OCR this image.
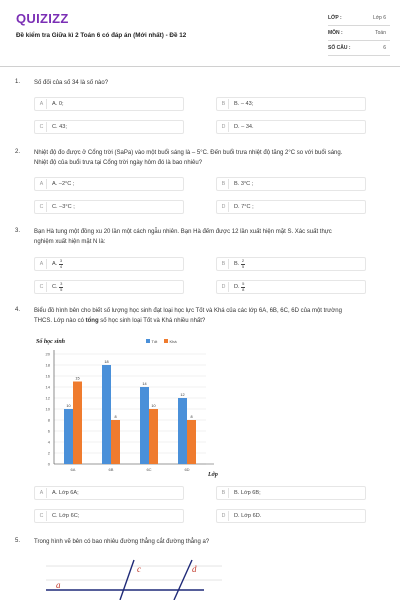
QUIZIZZ
Đề kiểm tra Giữa kì 2 Toán 6 có đáp án (Mới nhất) - Đề 12
LỚP :	Lớp 6
MÔN :	Toán
SỐ CÂU :	6
1. Số đối của số 34 là số nào?
A	A. 0;	B	B. – 43;
C	C. 43;	D	D. – 34.
2. Nhiệt độ đo được ở Cổng trời (SaPa) vào một buổi sáng là – 5°C. Đến buổi trưa nhiệt độ tăng 2°C so với buổi sáng.
Nhiệt độ của buổi trưa tại Cổng trời ngày hôm đó là bao nhiêu?
A	A. –2°C ;	B	B. 3°C ;
C	C. –3°C ;	D	D. 7°C ;
3. Bạn Hà tung một đồng xu 20 lần một cách ngẫu nhiên. Bạn Hà đếm được 12 lần xuất hiện mặt S. Xác suất thực
nghiệm xuất hiện mặt N là:
A	A. $\frac{3}{4}$	B	B. $\frac{2}{5}$
C	C. $\frac{3}{5}$	D	D. $\frac{5}{8}$
4. Biểu đồ hình bên cho biết số lượng học sinh đạt loại học lực Tốt và Khá của các lớp 6A, 6B, 6C, 6D của một trường
THCS. Lớp nào có tổng số học sinh loại Tốt và Khá nhiều nhất?
0
2
4
6
8
10
12
14
16
18
20
Số học sinh
Lớp
Tốt	Khá
10
15
6A
18
8
6B
14
10
6C
12
8
6D
A	A. Lớp 6A;	B	B. Lớp 6B;
C	C. Lớp 6C;	D	D. Lớp 6D.
5. Trong hình vẽ bên có bao nhiêu đường thẳng cắt đường thẳng a?
a
c	d
